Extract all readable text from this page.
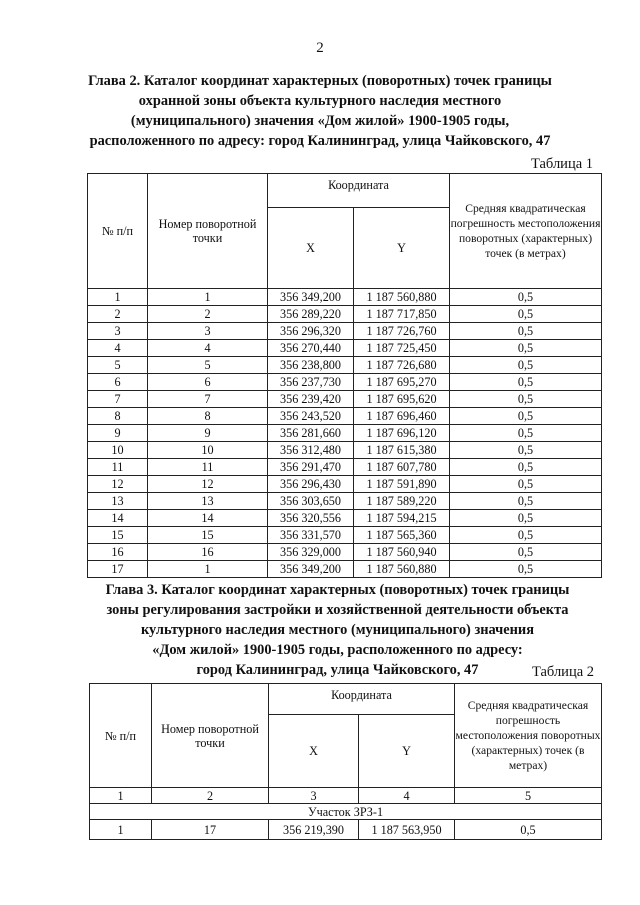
2
Глава 2. Каталог координат характерных (поворотных) точек границы
охранной зоны объекта культурного наследия местного
(муниципального) значения «Дом жилой» 1900-1905 годы,
расположенного по адресу: город Калининград, улица Чайковского, 47
Таблица 1
№ п/п	Номер поворотной точки	Координата		Средняя квадратическая погрешность местоположения поворотных (характерных) точек (в метрах)
		X	Y	
1	1	356 349,200	1 187 560,880	0,5
2	2	356 289,220	1 187 717,850	0,5
3	3	356 296,320	1 187 726,760	0,5
4	4	356 270,440	1 187 725,450	0,5
5	5	356 238,800	1 187 726,680	0,5
6	6	356 237,730	1 187 695,270	0,5
7	7	356 239,420	1 187 695,620	0,5
8	8	356 243,520	1 187 696,460	0,5
9	9	356 281,660	1 187 696,120	0,5
10	10	356 312,480	1 187 615,380	0,5
11	11	356 291,470	1 187 607,780	0,5
12	12	356 296,430	1 187 591,890	0,5
13	13	356 303,650	1 187 589,220	0,5
14	14	356 320,556	1 187 594,215	0,5
15	15	356 331,570	1 187 565,360	0,5
16	16	356 329,000	1 187 560,940	0,5
17	1	356 349,200	1 187 560,880	0,5
Глава 3. Каталог координат характерных (поворотных) точек границы
зоны регулирования застройки и хозяйственной деятельности объекта
культурного наследия местного (муниципального) значения
«Дом жилой» 1900-1905 годы, расположенного по адресу:
город Калининград, улица Чайковского, 47	Таблица 2
№ п/п	Номер поворотной точки	Координата		Средняя квадратическая погрешность местоположения поворотных (характерных) точек (в метрах)
		X	Y	
1	2	3	4	5
Участок ЗРЗ-1				
1	17	356 219,390	1 187 563,950	0,5
